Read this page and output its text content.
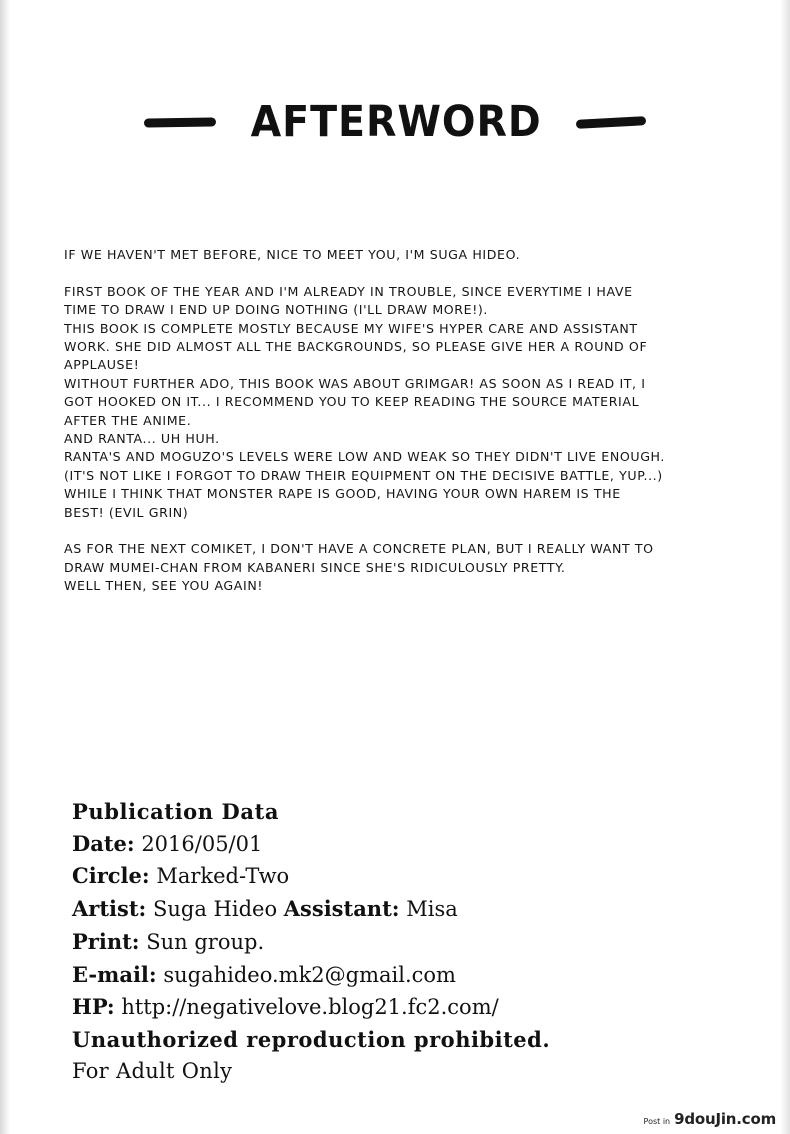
AFTERWORD
IF WE HAVEN'T MET BEFORE, NICE TO MEET YOU, I'M SUGA HIDEO.
FIRST BOOK OF THE YEAR AND I'M ALREADY IN TROUBLE, SINCE EVERYTIME I HAVE
TIME TO DRAW I END UP DOING NOTHING (I'LL DRAW MORE!).
THIS BOOK IS COMPLETE MOSTLY BECAUSE MY WIFE'S HYPER CARE AND ASSISTANT
WORK. SHE DID ALMOST ALL THE BACKGROUNDS, SO PLEASE GIVE HER A ROUND OF
APPLAUSE!
WITHOUT FURTHER ADO, THIS BOOK WAS ABOUT GRIMGAR! AS SOON AS I READ IT, I
GOT HOOKED ON IT... I RECOMMEND YOU TO KEEP READING THE SOURCE MATERIAL
AFTER THE ANIME.
AND RANTA... UH HUH.
RANTA'S AND MOGUZO'S LEVELS WERE LOW AND WEAK SO THEY DIDN'T LIVE ENOUGH.
(IT'S NOT LIKE I FORGOT TO DRAW THEIR EQUIPMENT ON THE DECISIVE BATTLE, YUP...)
WHILE I THINK THAT MONSTER RAPE IS GOOD, HAVING YOUR OWN HAREM IS THE
BEST! (EVIL GRIN)
AS FOR THE NEXT COMIKET, I DON'T HAVE A CONCRETE PLAN, BUT I REALLY WANT TO
DRAW MUMEI-CHAN FROM KABANERI SINCE SHE'S RIDICULOUSLY PRETTY.
WELL THEN, SEE YOU AGAIN!
Publication Data
Date: 2016/05/01
Circle: Marked-Two
Artist: Suga Hideo Assistant: Misa
Print: Sun group.
E-mail: sugahideo.mk2@gmail.com
HP: http://negativelove.blog21.fc2.com/
Unauthorized reproduction prohibited.
For Adult Only
Post in 9douJin.com
